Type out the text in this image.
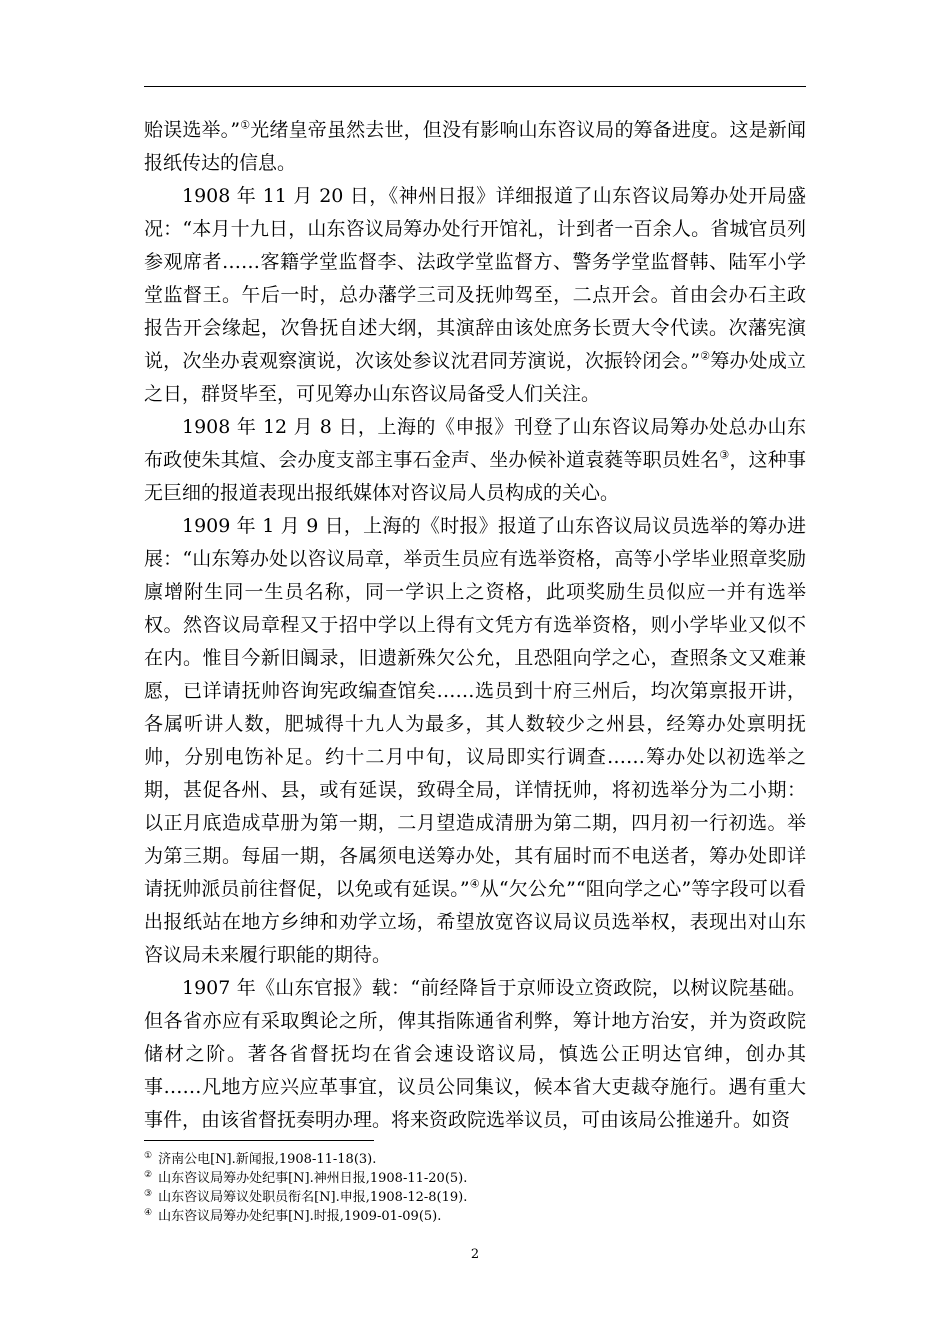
贻误选举。”①光绪皇帝虽然去世，但没有影响山东咨议局的筹备进度。这是新闻报纸传达的信息。

1908 年 11 月 20 日，《神州日报》详细报道了山东咨议局筹办处开局盛况：“本月十九日，山东咨议局筹办处行开馆礼，计到者一百余人。省城官员列参观席者……客籍学堂监督李、法政学堂监督方、警务学堂监督韩、陆军小学堂监督王。午后一时，总办藩学三司及抚帅驾至，二点开会。首由会办石主政报告开会缘起，次鲁抚自述大纲，其演辞由该处庶务长贾大令代读。次藩宪演说，次坐办袁观察演说，次该处参议沈君同芳演说，次振铃闭会。”②筹办处成立之日，群贤毕至，可见筹办山东咨议局备受人们关注。

1908 年 12 月 8 日，上海的《申报》刊登了山东咨议局筹办处总办山东布政使朱其煊、会办度支部主事石金声、坐办候补道袁蕤等职员姓名③，这种事无巨细的报道表现出报纸媒体对咨议局人员构成的关心。

1909 年 1 月 9 日，上海的《时报》报道了山东咨议局议员选举的筹办进展：“山东筹办处以咨议局章，举贡生员应有选举资格，高等小学毕业照章奖励廪增附生同一生员名称，同一学识上之资格，此项奖励生员似应一并有选举权。然咨议局章程又于招中学以上得有文凭方有选举资格，则小学毕业又似不在内。惟目今新旧阘录，旧遗新殊欠公允，且恐阻向学之心，查照条文又难兼愿，已详请抚帅咨询宪政编查馆矣……选员到十府三州后，均次第禀报开讲，各属听讲人数，肥城得十九人为最多，其人数较少之州县，经筹办处禀明抚帅，分别电饬补足。约十二月中旬，议局即实行调查……筹办处以初选举之期，甚促各州、县，或有延误，致碍全局，详情抚帅，将初选举分为二小期：以正月底造成草册为第一期，二月望造成清册为第二期，四月初一行初选。举为第三期。每届一期，各属须电送筹办处，其有届时而不电送者，筹办处即详请抚帅派员前往督促，以免或有延误。”④从“欠公允”“阻向学之心”等字段可以看出报纸站在地方乡绅和劝学立场，希望放宽咨议局议员选举权，表现出对山东咨议局未来履行职能的期待。

1907 年《山东官报》载：“前经降旨于京师设立资政院，以树议院基础。但各省亦应有采取舆论之所，俾其指陈通省利弊，筹计地方治安，并为资政院储材之阶。著各省督抚均在省会速设谘议局，慎选公正明达官绅，创办其事……凡地方应兴应革事宜，议员公同集议，候本省大吏裁夺施行。遇有重大事件，由该省督抚奏明办理。将来资政院选举议员，可由该局公推递升。如资

① 济南公电[N].新闻报,1908-11-18(3).
② 山东咨议局筹办处纪事[N].神州日报,1908-11-20(5).
③ 山东咨议局筹议处职员衔名[N].申报,1908-12-8(19).
④ 山东咨议局筹办处纪事[N].时报,1909-01-09(5).
2
